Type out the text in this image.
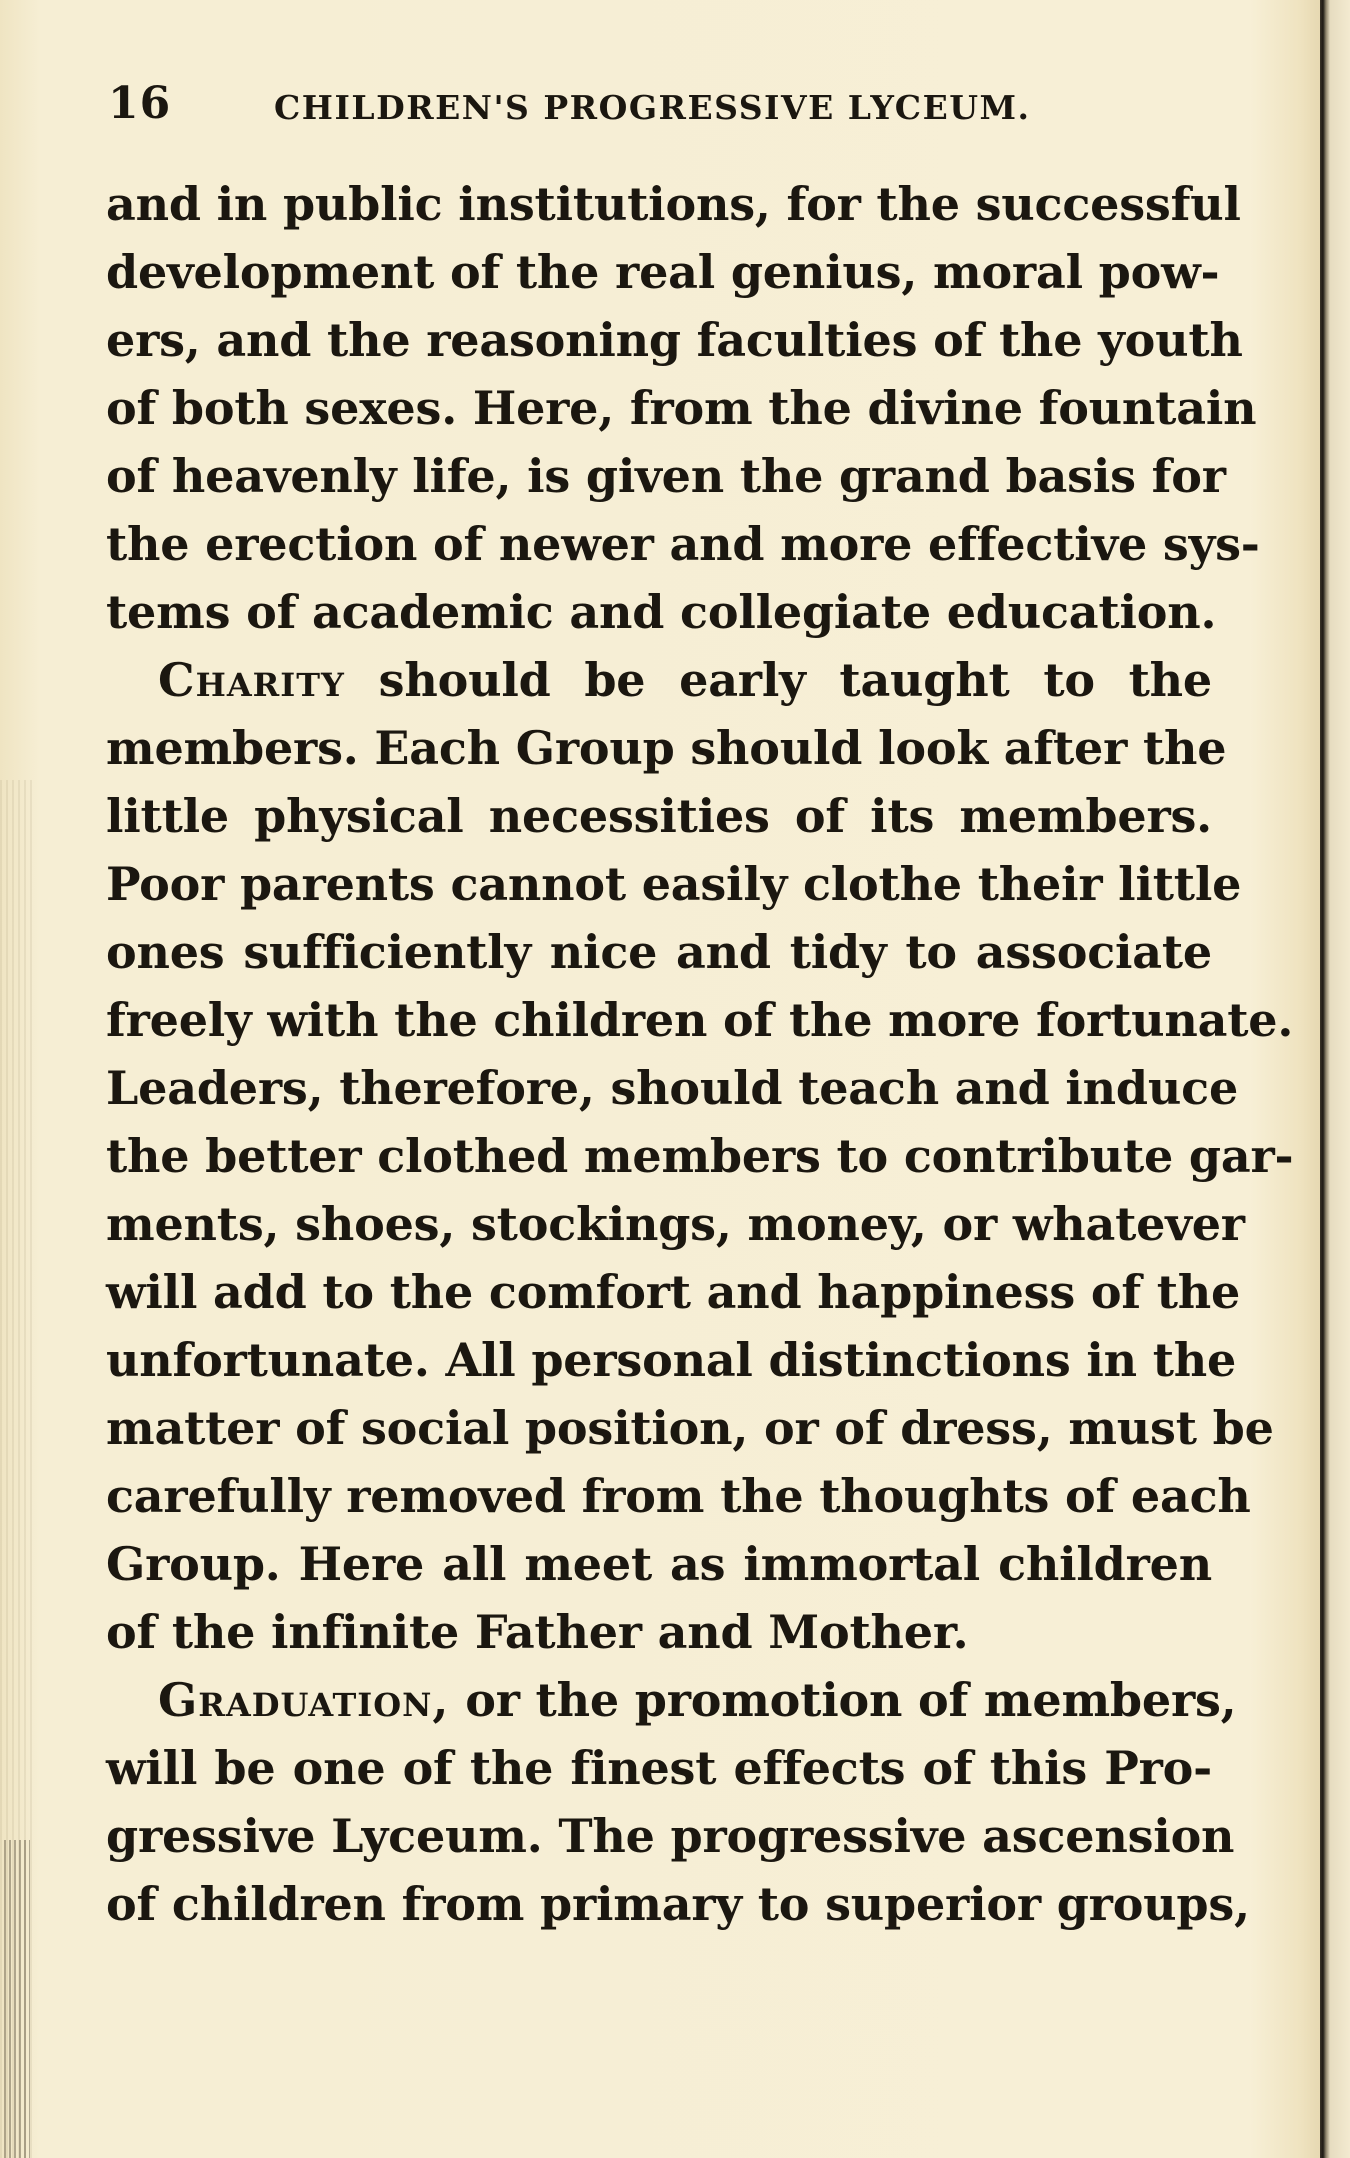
16	CHILDREN'S PROGRESSIVE LYCEUM.
and in public institutions, for the successful
development of the real genius, moral pow-
ers, and the reasoning faculties of the youth
of both sexes. Here, from the divine fountain
of heavenly life, is given the grand basis for
the erection of newer and more effective sys-
tems of academic and collegiate education.
Charity should be early taught to the
members. Each Group should look after the
little physical necessities of its members.
Poor parents cannot easily clothe their little
ones sufficiently nice and tidy to associate
freely with the children of the more fortunate.
Leaders, therefore, should teach and induce
the better clothed members to contribute gar-
ments, shoes, stockings, money, or whatever
will add to the comfort and happiness of the
unfortunate. All personal distinctions in the
matter of social position, or of dress, must be
carefully removed from the thoughts of each
Group. Here all meet as immortal children
of the infinite Father and Mother.
Graduation, or the promotion of members,
will be one of the finest effects of this Pro-
gressive Lyceum. The progressive ascension
of children from primary to superior groups,
